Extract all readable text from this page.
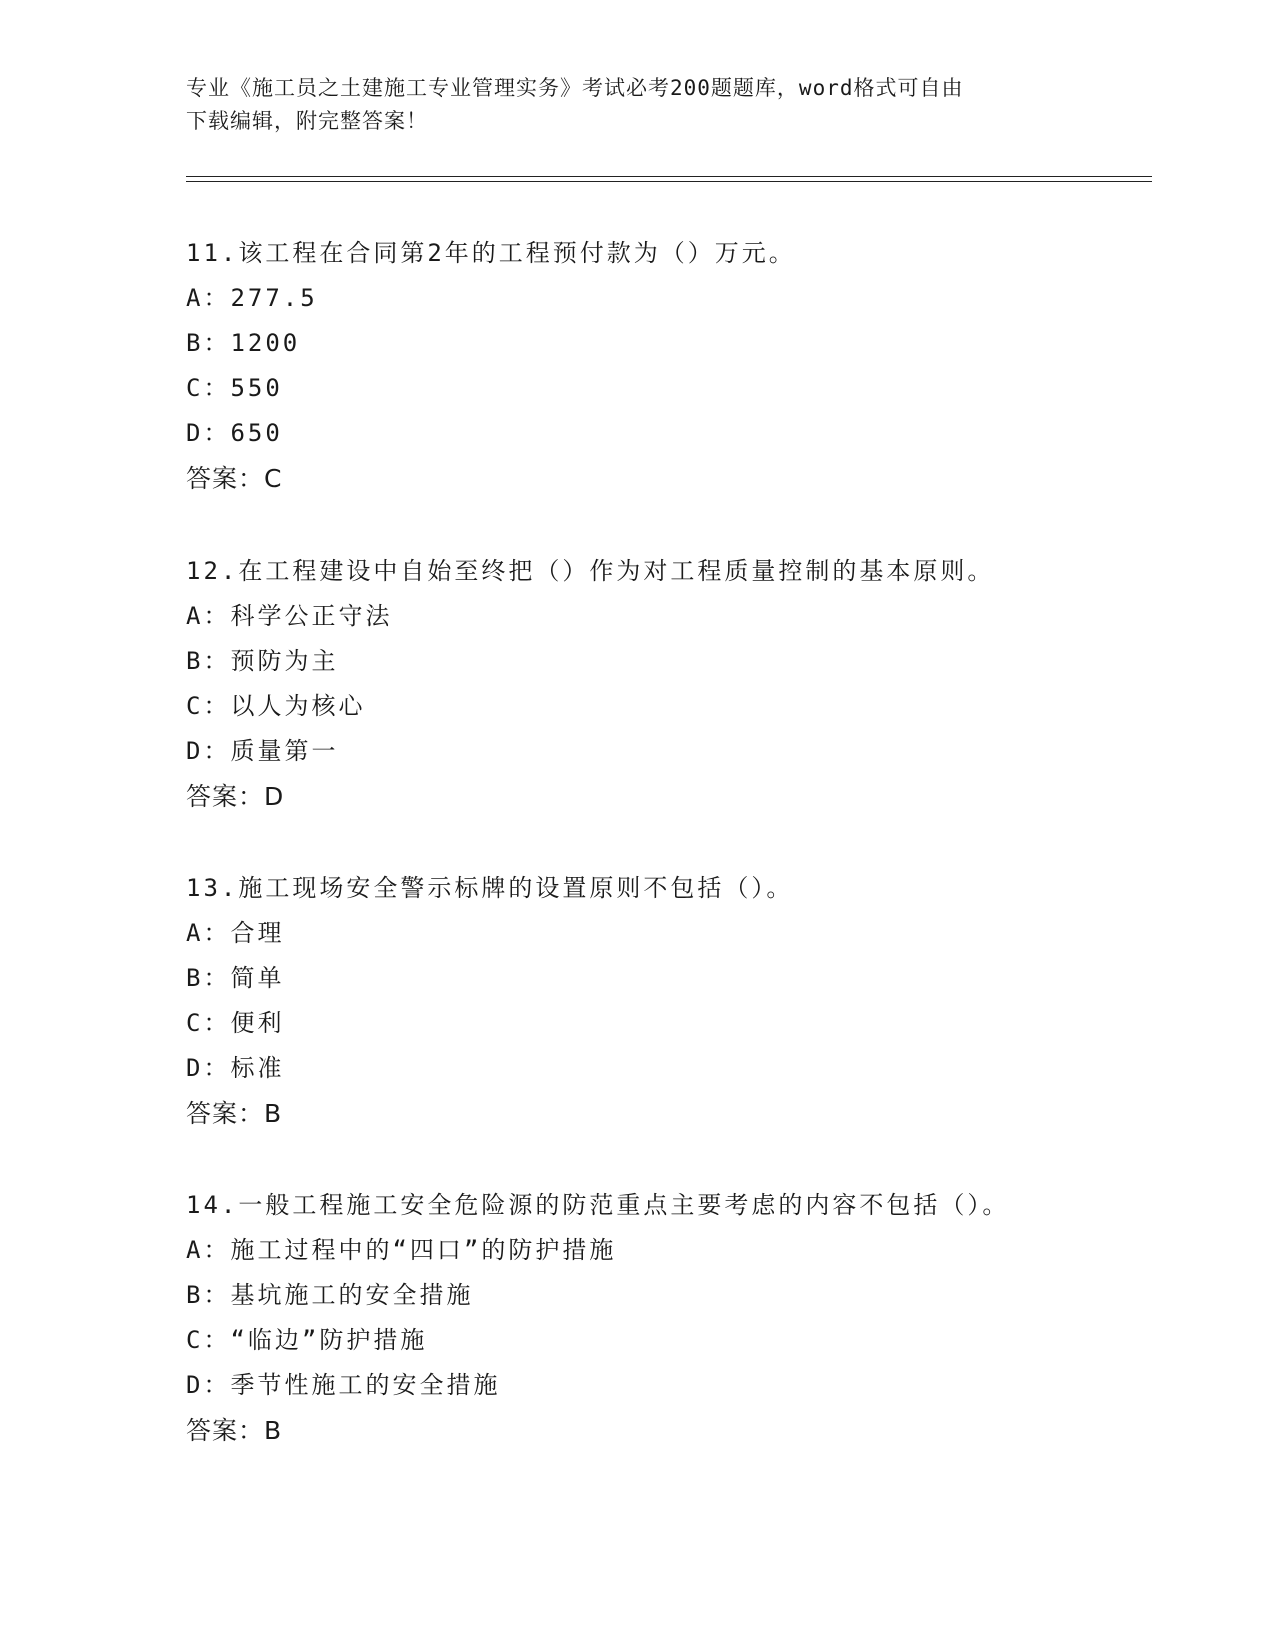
专业《施工员之土建施工专业管理实务》考试必考200题题库，word格式可自由
下载编辑，附完整答案！
11.该工程在合同第2年的工程预付款为（）万元。
A：277.5
B：1200
C：550
D：650
答案：C
12.在工程建设中自始至终把（）作为对工程质量控制的基本原则。
A：科学公正守法
B：预防为主
C：以人为核心
D：质量第一
答案：D
13.施工现场安全警示标牌的设置原则不包括（）。
A：合理
B：简单
C：便利
D：标准
答案：B
14.一般工程施工安全危险源的防范重点主要考虑的内容不包括（）。
A：施工过程中的“四口”的防护措施
B：基坑施工的安全措施
C：“临边”防护措施
D：季节性施工的安全措施
答案：B
